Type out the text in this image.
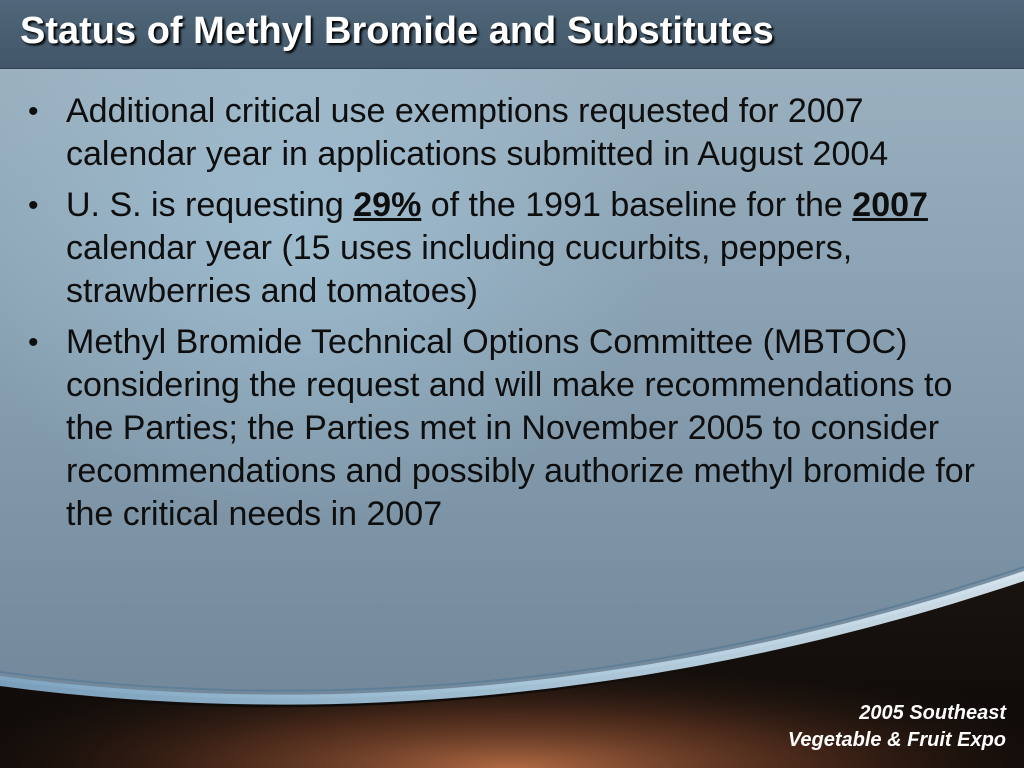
Status of Methyl Bromide and Substitutes
• Additional critical use exemptions requested for 2007 calendar year in applications submitted in August 2004
• U. S. is requesting 29% of the 1991 baseline for the 2007 calendar year (15 uses including cucurbits, peppers, strawberries and tomatoes)
• Methyl Bromide Technical Options Committee (MBTOC) considering the request and will make recommendations to the Parties; the Parties met in November 2005 to consider recommendations and possibly authorize methyl bromide for the critical needs in 2007
2005 Southeast
Vegetable & Fruit Expo
